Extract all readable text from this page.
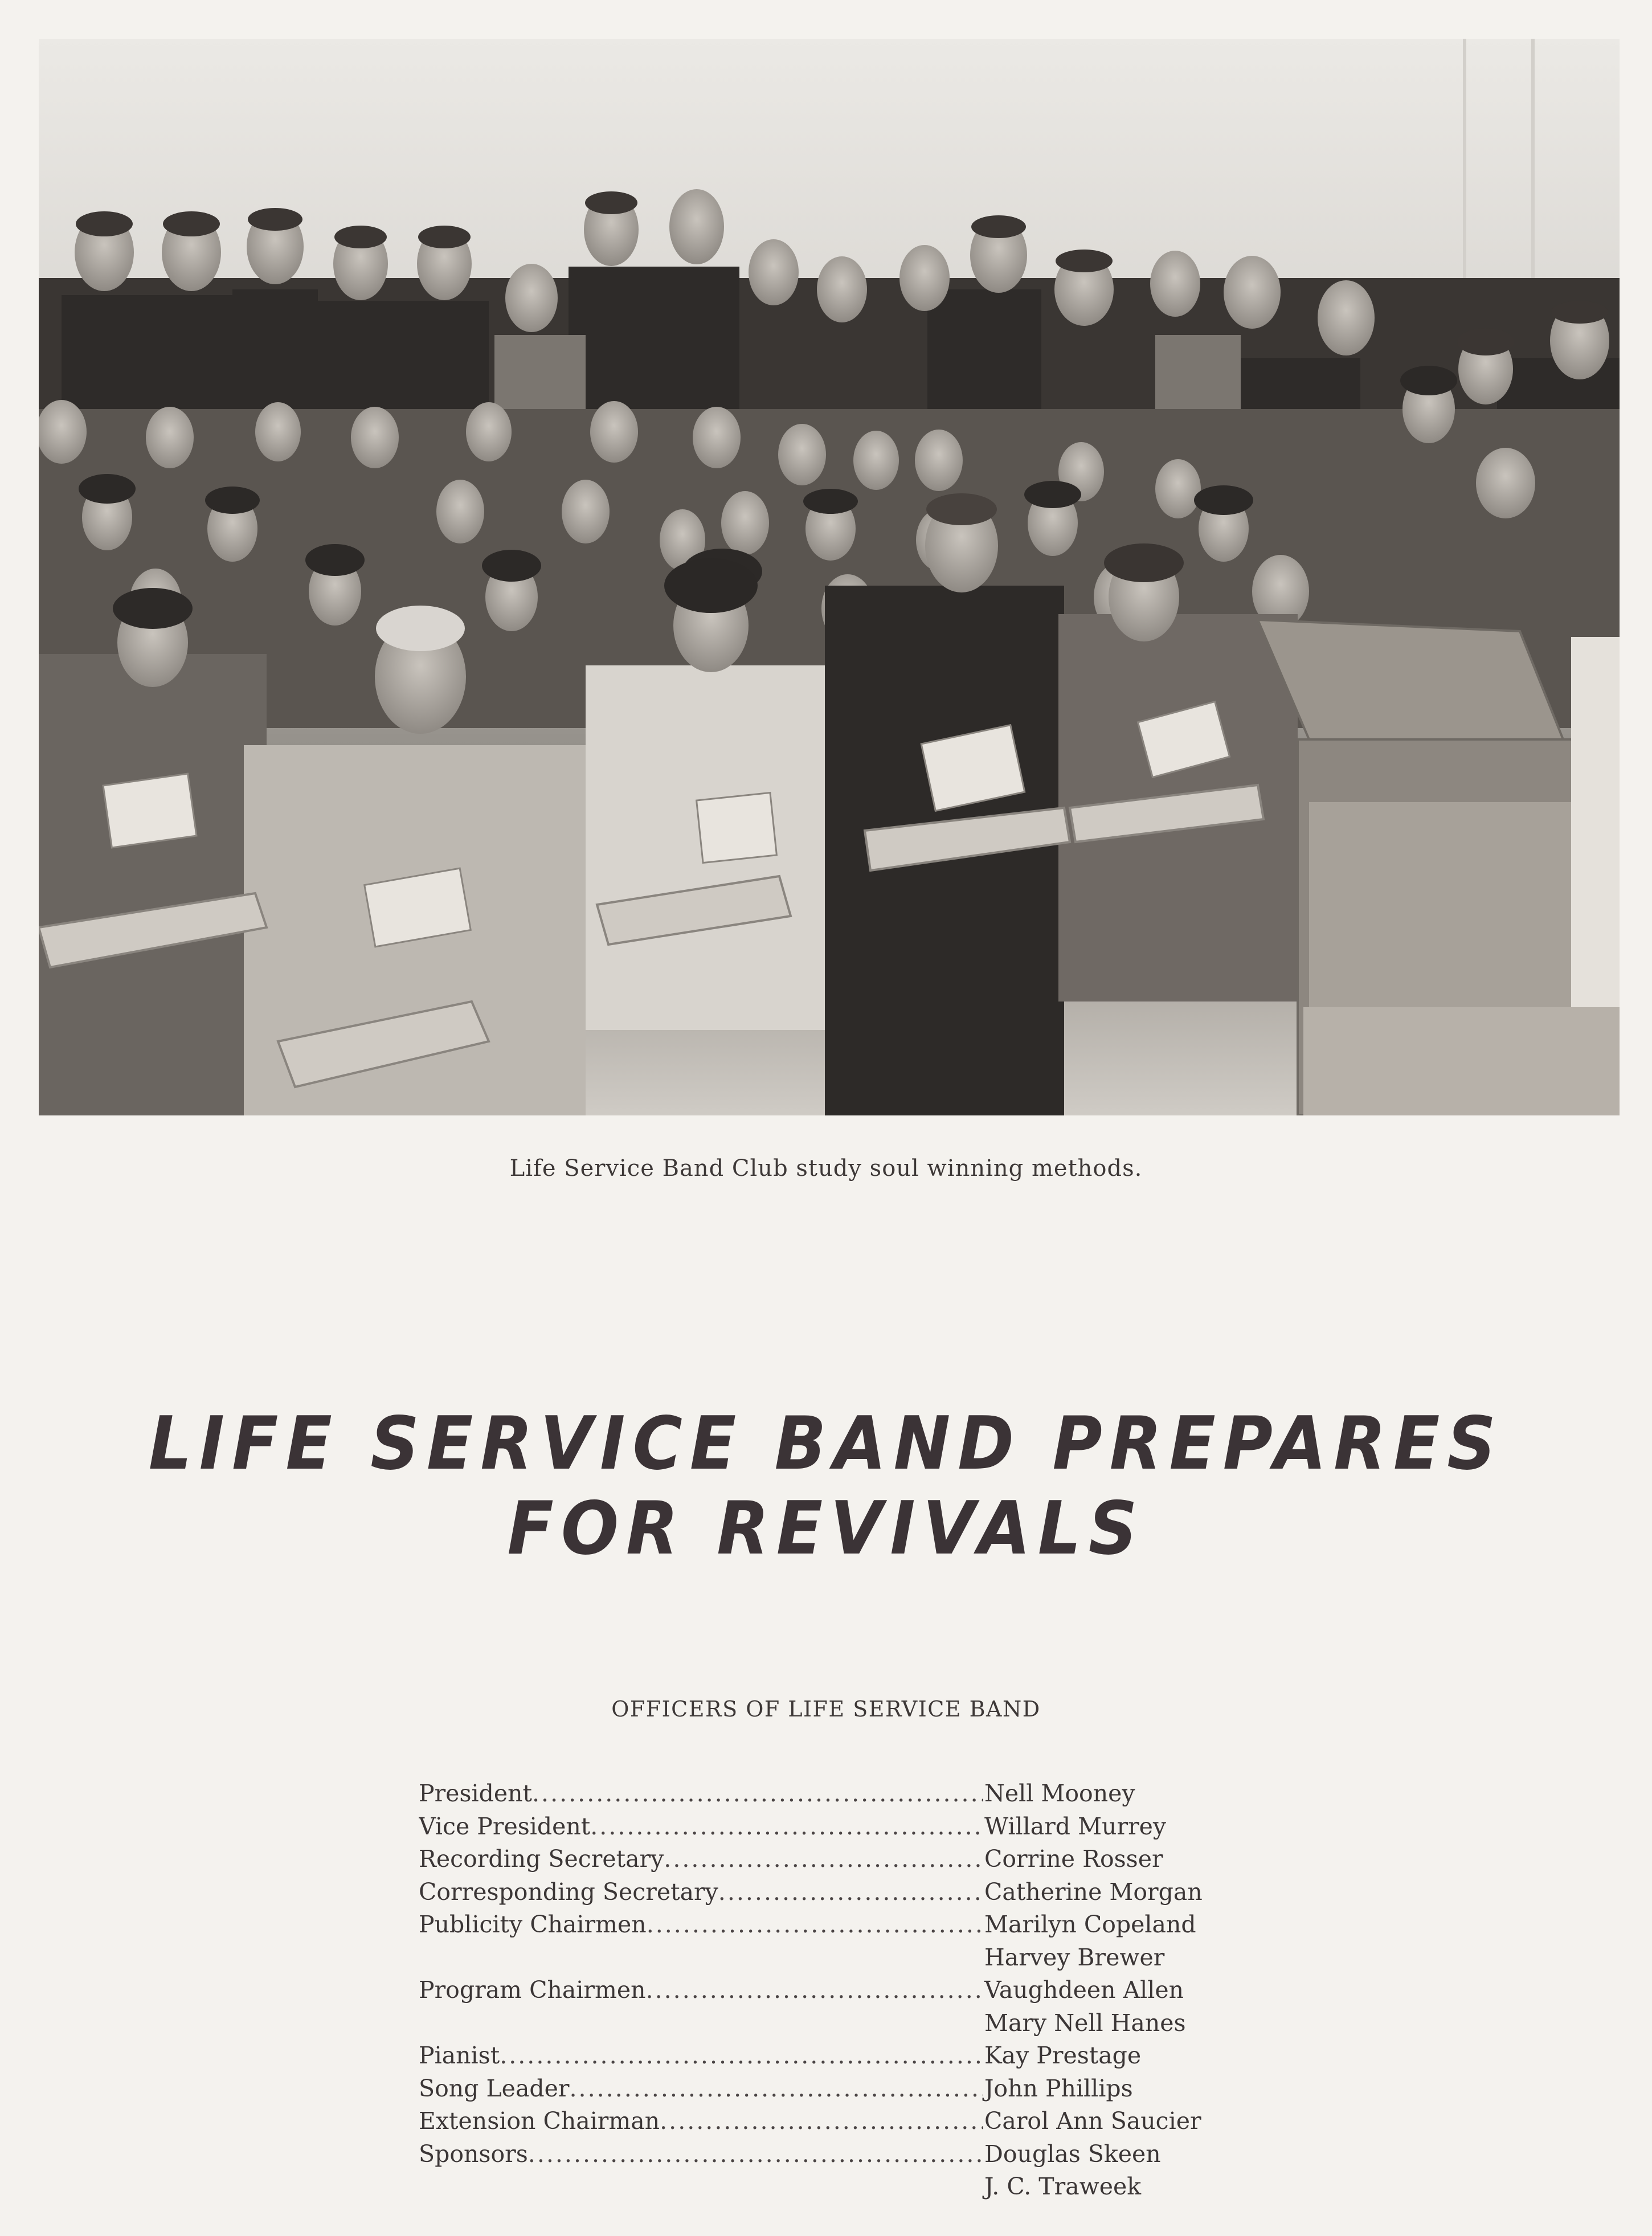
Life Service Band Club study soul winning methods.
LIFE SERVICE BAND PREPARES FOR REVIVALS
OFFICERS OF LIFE SERVICE BAND
President .....	Nell Mooney
Vice President .....	Willard Murrey
Recording Secretary .....	Corrine Rosser
Corresponding Secretary .....	Catherine Morgan
Publicity Chairmen .....	Marilyn Copeland
Harvey Brewer
Program Chairmen .....	Vaughdeen Allen
Mary Nell Hanes
Pianist .....	Kay Prestage
Song Leader .....	John Phillips
Extension Chairman .....	Carol Ann Saucier
Sponsors .....	Douglas Skeen
J. C. Traweek
